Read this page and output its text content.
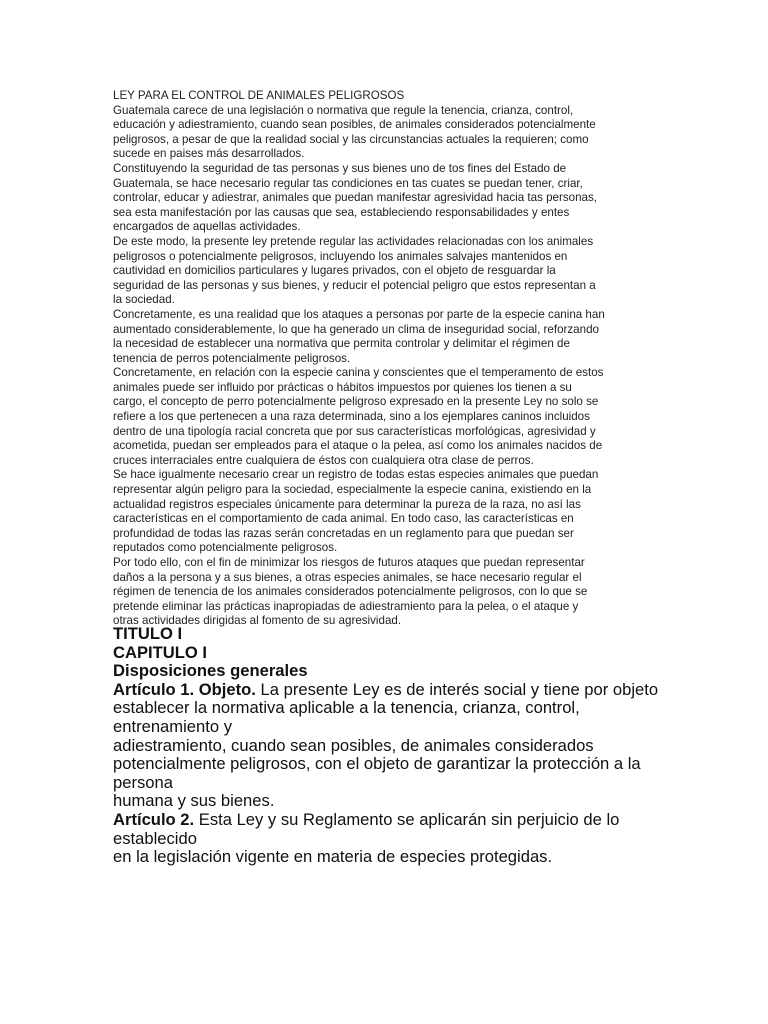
LEY PARA EL CONTROL DE ANIMALES PELIGROSOS
Guatemala carece de una legislación o normativa que regule la tenencia, crianza, control,
educación y adiestramiento, cuando sean posibles, de animales considerados potencialmente
peligrosos, a pesar de que la realidad social y las circunstancias actuales la requieren; como
sucede en paises más desarrollados.
Constituyendo la seguridad de tas personas y sus bienes uno de tos fines del Estado de
Guatemala, se hace necesario regular tas condiciones en tas cuates se puedan tener, criar,
controlar, educar y adiestrar, animales que puedan manifestar agresividad hacia tas personas,
sea esta manifestación por las causas que sea, estableciendo responsabilidades y entes
encargados de aquellas actividades.
De este modo, la presente ley pretende regular las actividades relacionadas con los animales
peligrosos o potencialmente peligrosos, incluyendo los animales salvajes mantenidos en
cautividad en domicilios particulares y lugares privados, con el objeto de resguardar la
seguridad de las personas y sus bienes, y reducir el potencial peligro que estos representan a
la sociedad.
Concretamente, es una realidad que los ataques a personas por parte de la especie canina han
aumentado considerablemente, lo que ha generado un clima de inseguridad social, reforzando
la necesidad de establecer una normativa que permita controlar y delimitar el régimen de
tenencia de perros potencialmente peligrosos.
Concretamente, en relación con la especie canina y conscientes que el temperamento de estos
animales puede ser influido por prácticas o hábitos impuestos por quienes los tienen a su
cargo, el concepto de perro potencialmente peligroso expresado en la presente Ley no solo se
refiere a los que pertenecen a una raza determinada, sino a los ejemplares caninos incluidos
dentro de una tipología racial concreta que por sus características morfológicas, agresividad y
acometida, puedan ser empleados para el ataque o la pelea, así como los animales nacidos de
cruces interraciales entre cualquiera de éstos con cualquiera otra clase de perros.
Se hace igualmente necesario crear un registro de todas estas especies animales que puedan
representar algún peligro para la sociedad, especialmente la especie canina, existiendo en la
actualidad registros especiales únicamente para determinar la pureza de la raza, no así las
características en el comportamiento de cada animal. En todo caso, las características en
profundidad de todas las razas serán concretadas en un reglamento para que puedan ser
reputados como potencialmente peligrosos.
Por todo ello, con el fin de minimizar los riesgos de futuros ataques que puedan representar
daños a la persona y a sus bienes, a otras especies animales, se hace necesario regular el
régimen de tenencia de los animales considerados potencialmente peligrosos, con lo que se
pretende eliminar las prácticas inapropiadas de adiestramiento para la pelea, o el ataque y
otras actividades dirigidas al fomento de su agresividad.
TITULO I
CAPITULO I
Disposiciones generales
Artículo 1. Objeto. La presente Ley es de interés social y tiene por objeto
establecer la normativa aplicable a la tenencia, crianza, control,
entrenamiento y
adiestramiento, cuando sean posibles, de animales considerados
potencialmente peligrosos, con el objeto de garantizar la protección a la
persona
humana y sus bienes.
Artículo 2. Esta Ley y su Reglamento se aplicarán sin perjuicio de lo
establecido
en la legislación vigente en materia de especies protegidas.
